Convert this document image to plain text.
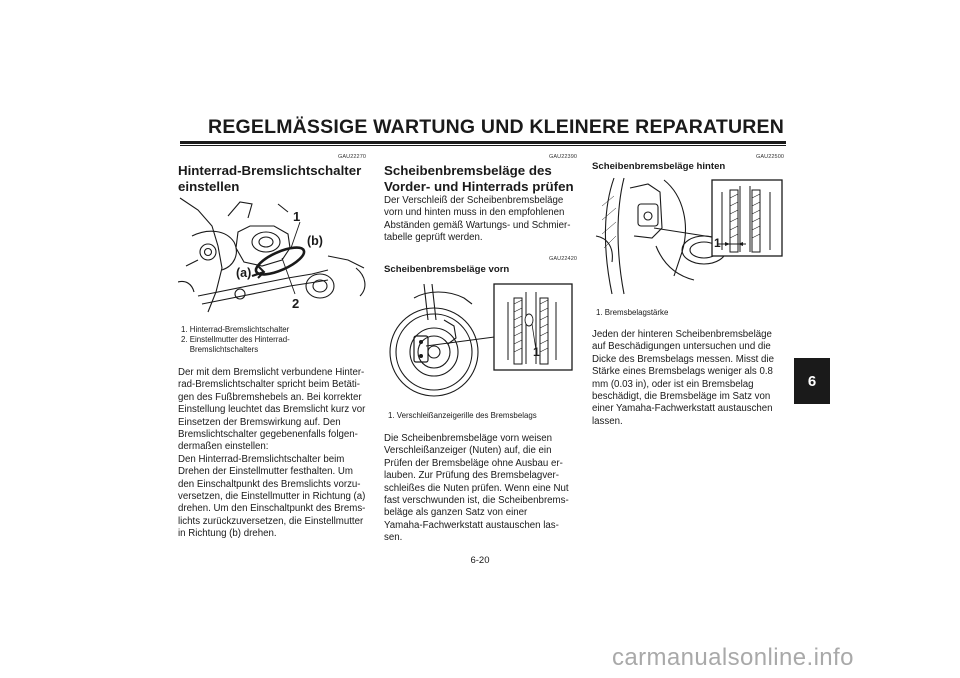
REGELMÄSSIGE WARTUNG UND KLEINERE REPARATUREN
GAU22270
Hinterrad-Bremslichtschalter
einstellen
1
(b)
(a)
2
1. Hinterrad-Bremslichtschalter
2. Einstellmutter des Hinterrad-
Bremslichtschalters
Der mit dem Bremslicht verbundene Hinter-
rad-Bremslichtschalter spricht beim Betäti-
gen des Fußbremshebels an. Bei korrekter
Einstellung leuchtet das Bremslicht kurz vor
Einsetzen der Bremswirkung auf. Den
Bremslichtschalter gegebenenfalls folgen-
dermaßen einstellen:
Den Hinterrad-Bremslichtschalter beim
Drehen der Einstellmutter festhalten. Um
den Einschaltpunkt des Bremslichts vorzu-
versetzen, die Einstellmutter in Richtung (a)
drehen. Um den Einschaltpunkt des Brems-
lichts zurückzuversetzen, die Einstellmutter
in Richtung (b) drehen.
GAU22390
Scheibenbremsbeläge des
Vorder- und Hinterrads prüfen
Der Verschleiß der Scheibenbremsbeläge
vorn und hinten muss in den empfohlenen
Abständen gemäß Wartungs- und Schmier-
tabelle geprüft werden.
GAU22420
Scheibenbremsbeläge vorn
1
1. Verschleißanzeigerille des Bremsbelags
Die Scheibenbremsbeläge vorn weisen
Verschleißanzeiger (Nuten) auf, die ein
Prüfen der Bremsbeläge ohne Ausbau er-
lauben. Zur Prüfung des Bremsbelagver-
schleißes die Nuten prüfen. Wenn eine Nut
fast verschwunden ist, die Scheibenbrems-
beläge als ganzen Satz von einer
Yamaha-Fachwerkstatt austauschen las-
sen.
GAU22500
Scheibenbremsbeläge hinten
1
1. Bremsbelagstärke
Jeden der hinteren Scheibenbremsbeläge
auf Beschädigungen untersuchen und die
Dicke des Bremsbelags messen. Misst die
Stärke eines Bremsbelags weniger als 0.8
mm (0.03 in), oder ist ein Bremsbelag
beschädigt, die Bremsbeläge im Satz von
einer Yamaha-Fachwerkstatt austauschen
lassen.
6
6-20
carmanualsonline.info
